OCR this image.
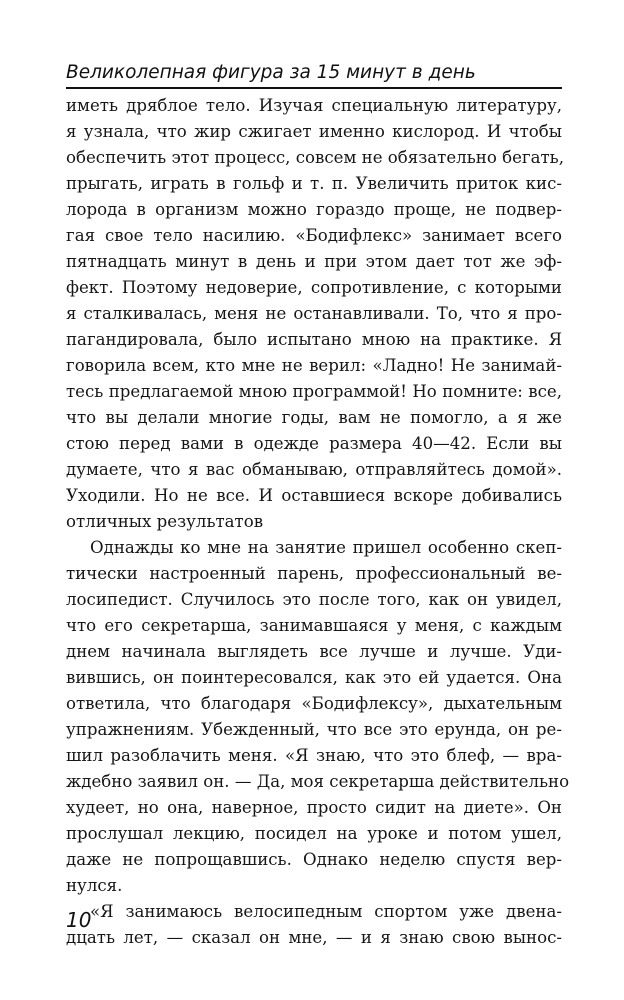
Великолепная фигура за 15 минут в день
иметь дряблое тело. Изучая специальную литературу,
я узнала, что жир сжигает именно кислород. И чтобы
обеспечить этот процесс, совсем не обязательно бегать,
прыгать, играть в гольф и т. п. Увеличить приток кис-
лорода в организм можно гораздо проще, не подвер-
гая свое тело насилию. «Бодифлекс» занимает всего
пятнадцать минут в день и при этом дает тот же эф-
фект. Поэтому недоверие, сопротивление, с которыми
я сталкивалась, меня не останавливали. То, что я про-
пагандировала, было испытано мною на практике. Я
говорила всем, кто мне не верил: «Ладно! Не занимай-
тесь предлагаемой мною программой! Но помните: все,
что вы делали многие годы, вам не помогло, а я же
стою перед вами в одежде размера 40—42. Если вы
думаете, что я вас обманываю, отправляйтесь домой».
Уходили. Но не все. И оставшиеся вскоре добивались
отличных результатов
Однажды ко мне на занятие пришел особенно скеп-
тически настроенный парень, профессиональный ве-
лосипедист. Случилось это после того, как он увидел,
что его секретарша, занимавшаяся у меня, с каждым
днем начинала выглядеть все лучше и лучше. Уди-
вившись, он поинтересовался, как это ей удается. Она
ответила, что благодаря «Бодифлексу», дыхательным
упражнениям. Убежденный, что все это ерунда, он ре-
шил разоблачить меня. «Я знаю, что это блеф, — вра-
ждебно заявил он. — Да, моя секретарша действительно
худеет, но она, наверное, просто сидит на диете». Он
прослушал лекцию, посидел на уроке и потом ушел,
даже не попрощавшись. Однако неделю спустя вер-
нулся.
«Я занимаюсь велосипедным спортом уже двена-
дцать лет, — сказал он мне, — и я знаю свою вынос-
10
